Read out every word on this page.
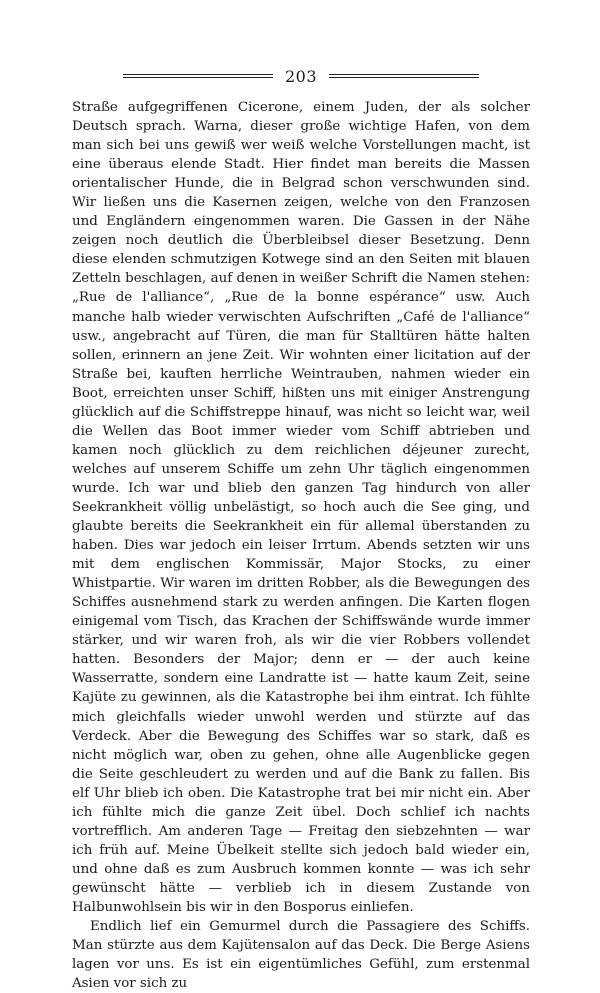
203

Straße aufgegriffenen Cicerone, einem Juden, der als solcher Deutsch sprach. Warna, dieser große wichtige Hafen, von dem man sich bei uns gewiß wer weiß welche Vorstellungen macht, ist eine überaus elende Stadt. Hier findet man bereits die Massen orientalischer Hunde, die in Belgrad schon verschwunden sind. Wir ließen uns die Kasernen zeigen, welche von den Franzosen und Engländern eingenommen waren. Die Gassen in der Nähe zeigen noch deutlich die Überbleibsel dieser Besetzung. Denn diese elenden schmutzigen Kotwege sind an den Seiten mit blauen Zetteln beschlagen, auf denen in weißer Schrift die Namen stehen: „Rue de l'alliance“, „Rue de la bonne espérance“ usw. Auch manche halb wieder verwischten Aufschriften „Café de l'alliance“ usw., angebracht auf Türen, die man für Stalltüren hätte halten sollen, erinnern an jene Zeit. Wir wohnten einer licitation auf der Straße bei, kauften herrliche Weintrauben, nahmen wieder ein Boot, erreichten unser Schiff, hißten uns mit einiger Anstrengung glücklich auf die Schiffstreppe hinauf, was nicht so leicht war, weil die Wellen das Boot immer wieder vom Schiff abtrieben und kamen noch glücklich zu dem reichlichen déjeuner zurecht, welches auf unserem Schiffe um zehn Uhr täglich eingenommen wurde. Ich war und blieb den ganzen Tag hindurch von aller Seekrankheit völlig unbelästigt, so hoch auch die See ging, und glaubte bereits die Seekrankheit ein für allemal überstanden zu haben. Dies war jedoch ein leiser Irrtum. Abends setzten wir uns mit dem englischen Kommissär, Major Stocks, zu einer Whistpartie. Wir waren im dritten Robber, als die Bewegungen des Schiffes ausnehmend stark zu werden anfingen. Die Karten flogen einigemal vom Tisch, das Krachen der Schiffswände wurde immer stärker, und wir waren froh, als wir die vier Robbers vollendet hatten. Besonders der Major; denn er — der auch keine Wasserratte, sondern eine Landratte ist — hatte kaum Zeit, seine Kajüte zu gewinnen, als die Katastrophe bei ihm eintrat. Ich fühlte mich gleichfalls wieder unwohl werden und stürzte auf das Verdeck. Aber die Bewegung des Schiffes war so stark, daß es nicht möglich war, oben zu gehen, ohne alle Augenblicke gegen die Seite geschleudert zu werden und auf die Bank zu fallen. Bis elf Uhr blieb ich oben. Die Katastrophe trat bei mir nicht ein. Aber ich fühlte mich die ganze Zeit übel. Doch schlief ich nachts vortrefflich. Am anderen Tage — Freitag den siebzehnten — war ich früh auf. Meine Übelkeit stellte sich jedoch bald wieder ein, und ohne daß es zum Ausbruch kommen konnte — was ich sehr gewünscht hätte — verblieb ich in diesem Zustande von Halbunwohlsein bis wir in den Bosporus einliefen.

Endlich lief ein Gemurmel durch die Passagiere des Schiffs. Man stürzte aus dem Kajütensalon auf das Deck. Die Berge Asiens lagen vor uns. Es ist ein eigentümliches Gefühl, zum erstenmal Asien vor sich zu
